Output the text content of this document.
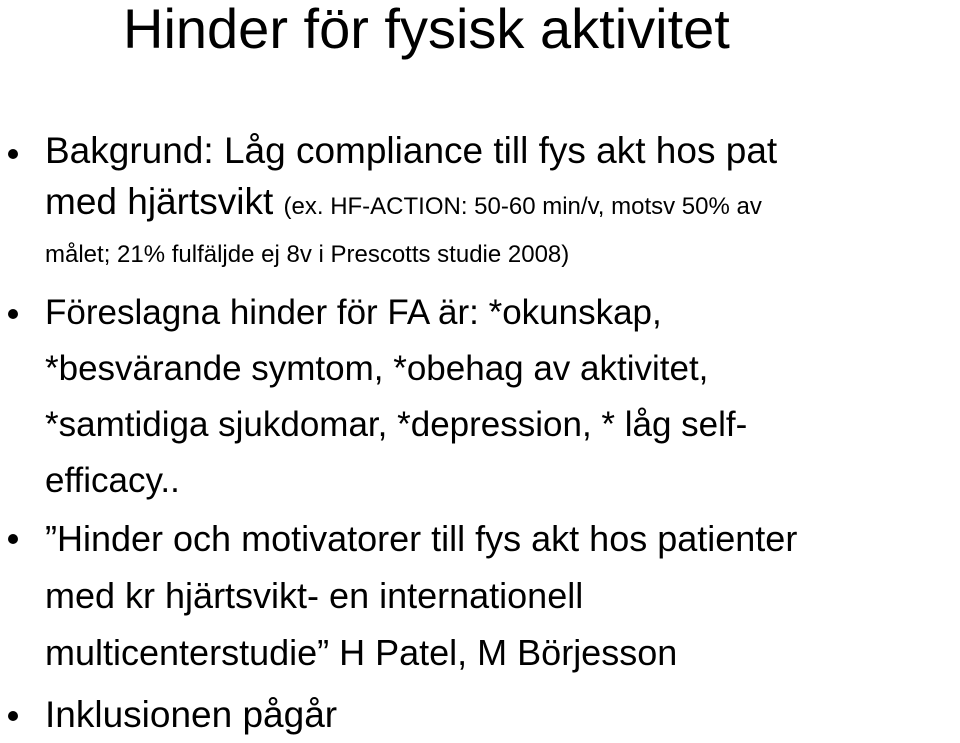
Hinder för fysisk aktivitet
Bakgrund: Låg compliance till fys akt hos pat
med hjärtsvikt (ex. HF-ACTION: 50-60 min/v, motsv 50% av
målet; 21% fulfäljde ej 8v i Prescotts studie 2008)
Föreslagna hinder för FA är: *okunskap,
*besvärande symtom, *obehag av aktivitet,
*samtidiga sjukdomar, *depression, * låg self-
efficacy..
”Hinder och motivatorer till fys akt hos patienter
med kr hjärtsvikt- en internationell
multicenterstudie” H Patel, M Börjesson
Inklusionen pågår
